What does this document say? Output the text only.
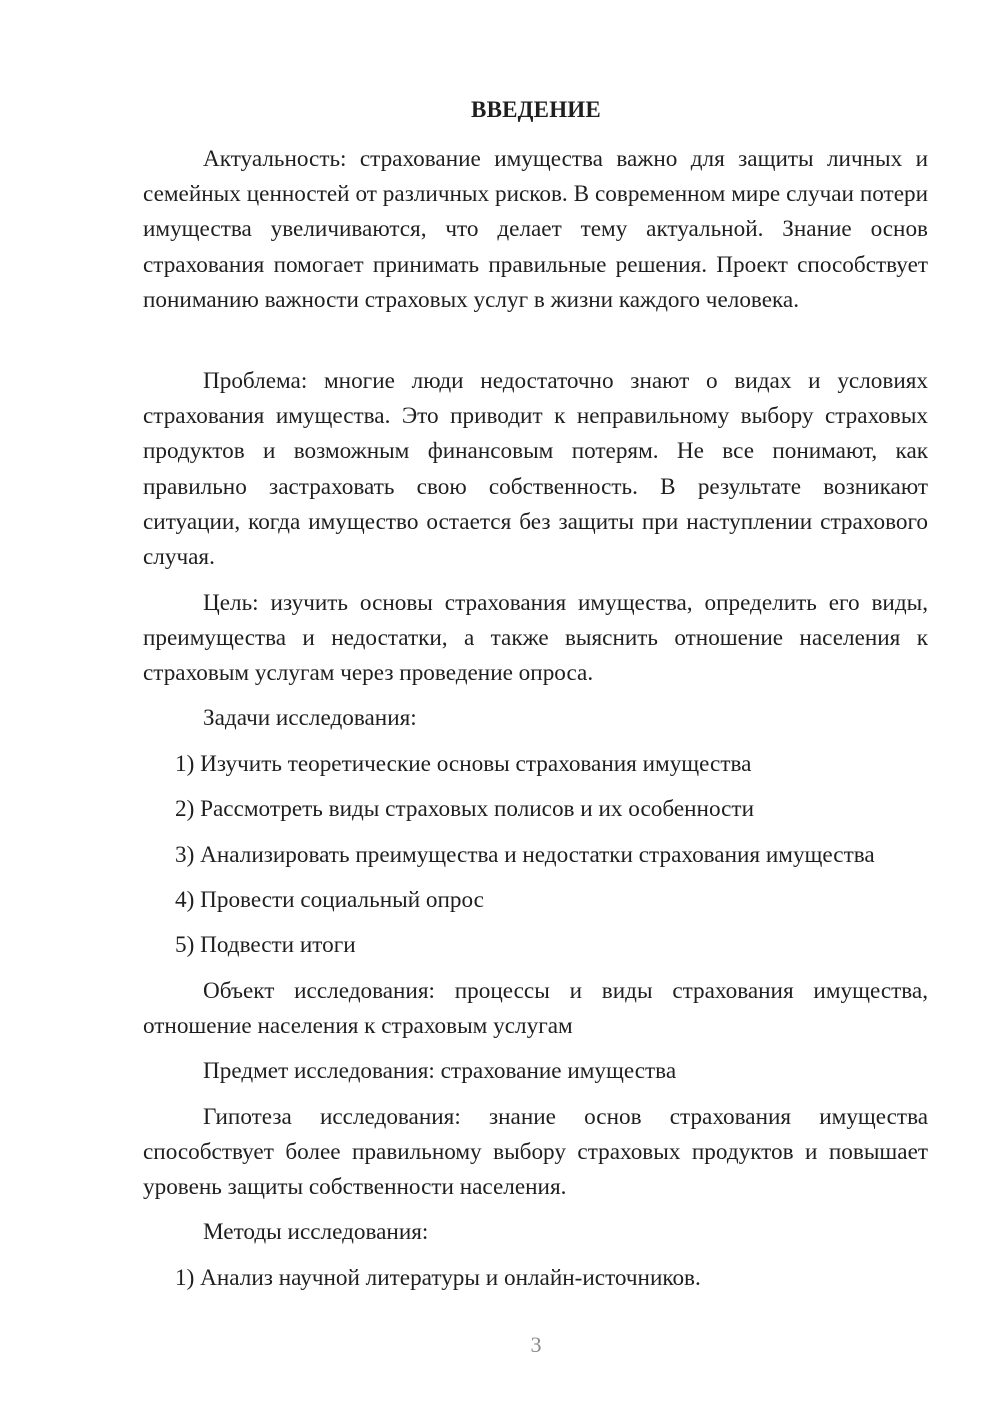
ВВЕДЕНИЕ

Актуальность: страхование имущества важно для защиты личных и семейных ценностей от различных рисков. В современном мире случаи потери имущества увеличиваются, что делает тему актуальной. Знание основ страхования помогает принимать правильные решения. Проект способствует пониманию важности страховых услуг в жизни каждого человека.

Проблема: многие люди недостаточно знают о видах и условиях страхования имущества. Это приводит к неправильному выбору страховых продуктов и возможным финансовым потерям. Не все понимают, как правильно застраховать свою собственность. В результате возникают ситуации, когда имущество остается без защиты при наступлении страхового случая.

Цель: изучить основы страхования имущества, определить его виды, преимущества и недостатки, а также выяснить отношение населения к страховым услугам через проведение опроса.

Задачи исследования:

1) Изучить теоретические основы страхования имущества

2) Рассмотреть виды страховых полисов и их особенности

3) Анализировать преимущества и недостатки страхования имущества

4) Провести социальный опрос

5) Подвести итоги

Объект исследования: процессы и виды страхования имущества, отношение населения к страховым услугам

Предмет исследования: страхование имущества

Гипотеза исследования: знание основ страхования имущества способствует более правильному выбору страховых продуктов и повышает уровень защиты собственности населения.

Методы исследования:

1) Анализ научной литературы и онлайн-источников.

3
